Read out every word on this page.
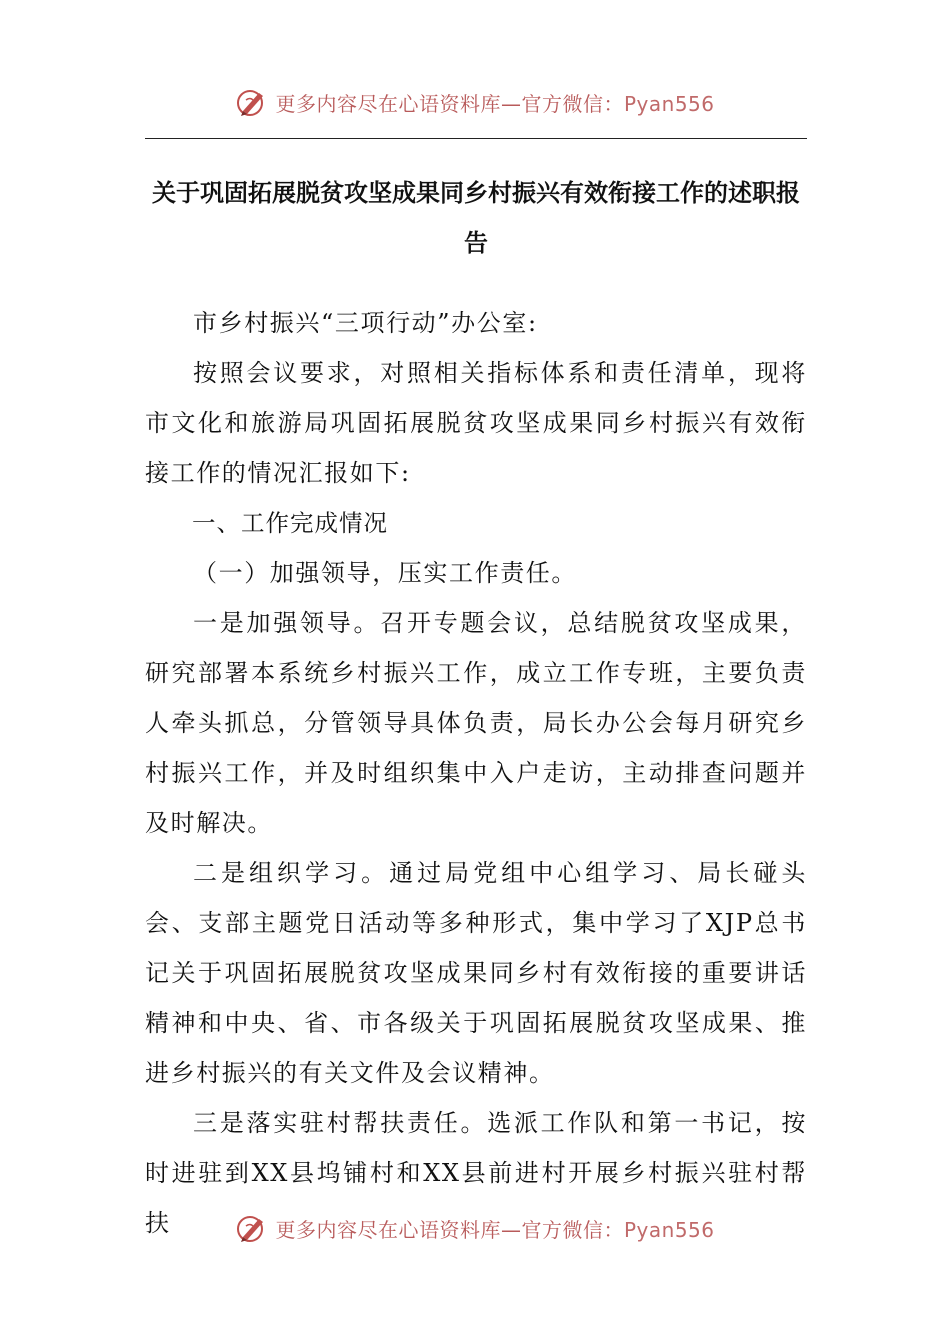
更多内容尽在心语资料库—官方微信：Pyan556
关于巩固拓展脱贫攻坚成果同乡村振兴有效衔接工作的述职报告

市乡村振兴“三项行动”办公室:

按照会议要求，对照相关指标体系和责任清单，现将市文化和旅游局巩固拓展脱贫攻坚成果同乡村振兴有效衔接工作的情况汇报如下:

一、工作完成情况

（一）加强领导，压实工作责任。

一是加强领导。召开专题会议，总结脱贫攻坚成果，研究部署本系统乡村振兴工作，成立工作专班，主要负责人牵头抓总，分管领导具体负责，局长办公会每月研究乡村振兴工作，并及时组织集中入户走访，主动排查问题并及时解决。

二是组织学习。通过局党组中心组学习、局长碰头会、支部主题党日活动等多种形式，集中学习了XJP总书记关于巩固拓展脱贫攻坚成果同乡村有效衔接的重要讲话精神和中央、省、市各级关于巩固拓展脱贫攻坚成果、推进乡村振兴的有关文件及会议精神。

三是落实驻村帮扶责任。选派工作队和第一书记，按时进驻到XX县坞铺村和XX县前进村开展乡村振兴驻村帮扶	更多内容尽在心语资料库—官方微信：Pyan556
